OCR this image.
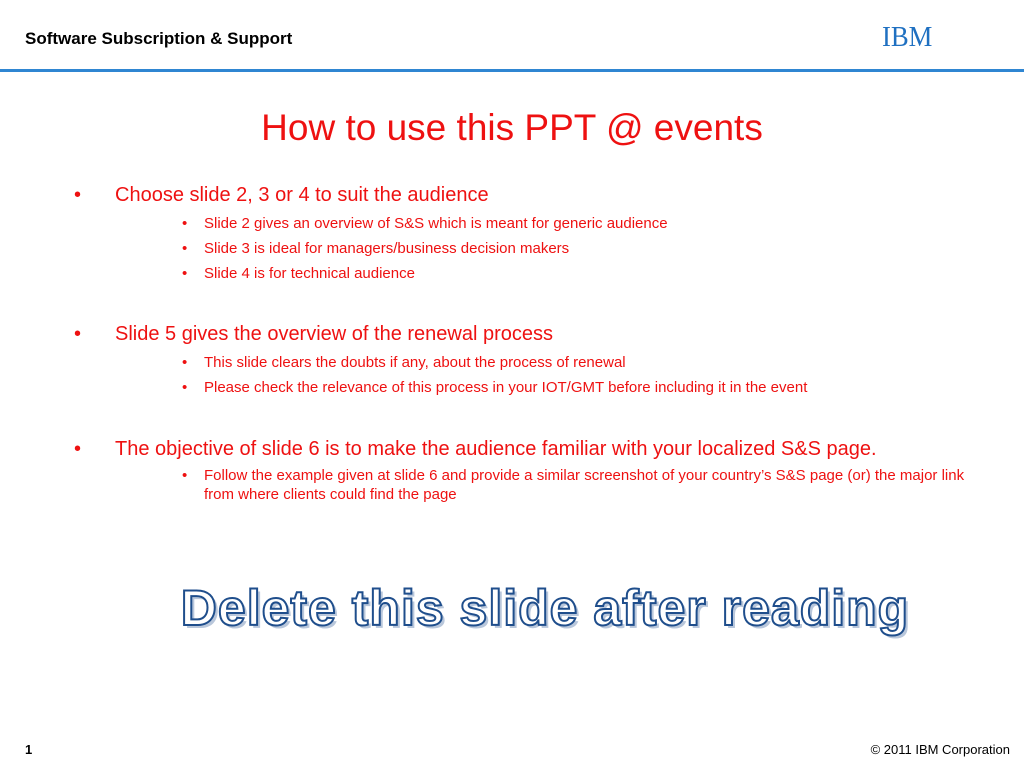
Software Subscription & Support	IBM
How to use this PPT @ events
• Choose slide 2, 3 or 4 to suit the audience
• Slide 2 gives an overview of S&S which is meant for generic audience
• Slide 3 is ideal for managers/business decision makers
• Slide 4 is for technical audience
• Slide 5 gives the overview of the renewal process
• This slide clears the doubts if any, about the process of renewal
• Please check the relevance of this process in your IOT/GMT before including it in the event
• The objective of slide 6 is to make the audience familiar with your localized S&S page.
• Follow the example given at slide 6 and provide a similar screenshot of your country’s S&S page (or) the major link from where clients could find the page
Delete this slide after reading
1	© 2011 IBM Corporation
